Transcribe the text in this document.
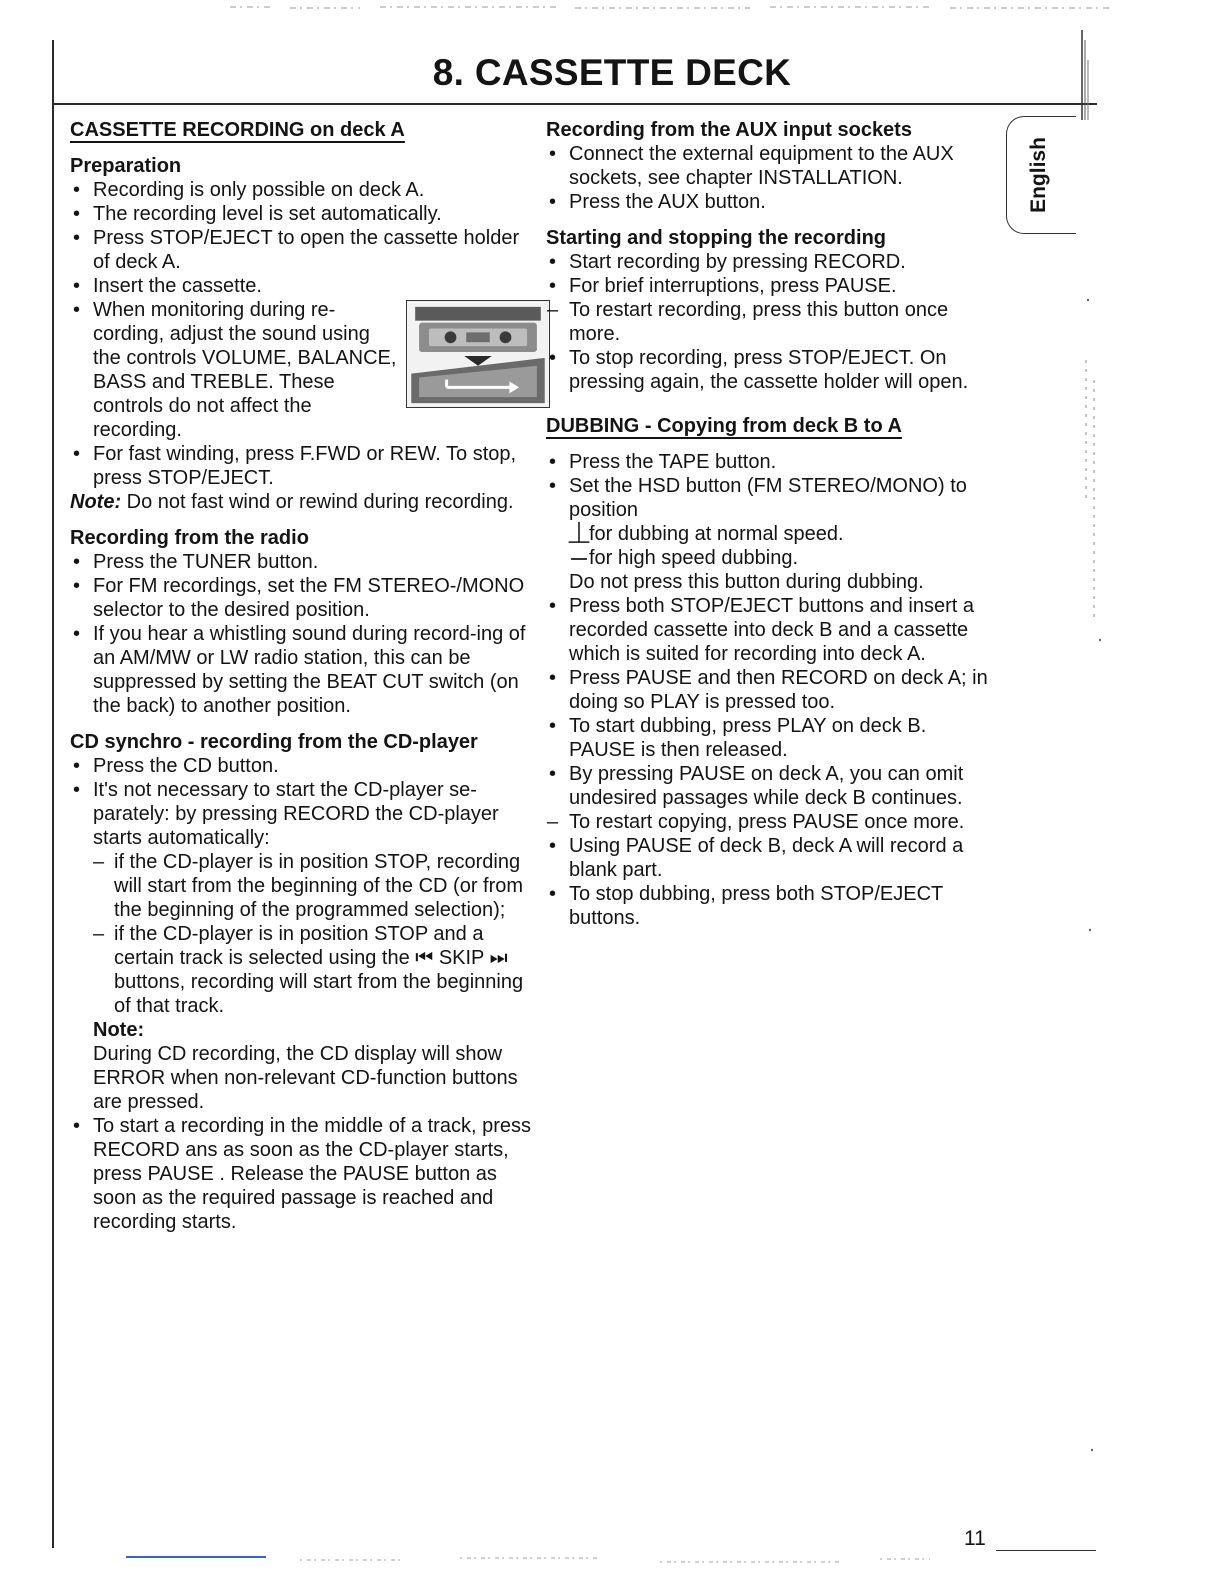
8. CASSETTE DECK

CASSETTE RECORDING on deck A

Preparation

• Recording is only possible on deck A.
• The recording level is set automatically.
• Press STOP/EJECT to open the cassette holder of deck A.
• Insert the cassette.
• When monitoring during re-cording, adjust the sound using the controls VOLUME, BALANCE, BASS and TREBLE. These controls do not affect the recording.
• For fast winding, press F.FWD or REW. To stop, press STOP/EJECT.

Note: Do not fast wind or rewind during recording.

Recording from the radio

• Press the TUNER button.
• For FM recordings, set the FM STEREO-/MONO selector to the desired position.
• If you hear a whistling sound during record-ing of an AM/MW or LW radio station, this can be suppressed by setting the BEAT CUT switch (on the back) to another position.

CD synchro - recording from the CD-player

• Press the CD button.
• It's not necessary to start the CD-player se-parately: by pressing RECORD the CD-player starts automatically:
– if the CD-player is in position STOP, recording will start from the beginning of the CD (or from the beginning of the programmed selection);
– if the CD-player is in position STOP and a certain track is selected using the ⏮ SKIP ⏭ buttons, recording will start from the beginning of that track.

Note:

During CD recording, the CD display will show ERROR when non-relevant CD-function buttons are pressed.

• To start a recording in the middle of a track, press RECORD ans as soon as the CD-player starts, press PAUSE . Release the PAUSE button as soon as the required passage is reached and recording starts.

Recording from the AUX input sockets

• Connect the external equipment to the AUX sockets, see chapter INSTALLATION.
• Press the AUX button.

Starting and stopping the recording

• Start recording by pressing RECORD.
• For brief interruptions, press PAUSE.
– To restart recording, press this button once more.
• To stop recording, press STOP/EJECT. On pressing again, the cassette holder will open.

DUBBING - Copying from deck B to A

• Press the TAPE button.
• Set the HSD button (FM STEREO/MONO) to position
⏊for dubbing at normal speed.
⏤ for high speed dubbing.
Do not press this button during dubbing.
• Press both STOP/EJECT buttons and insert a recorded cassette into deck B and a cassette which is suited for recording into deck A.
• Press PAUSE and then RECORD on deck A; in doing so PLAY is pressed too.
• To start dubbing, press PLAY on deck B. PAUSE is then released.
• By pressing PAUSE on deck A, you can omit undesired passages while deck B continues.
– To restart copying, press PAUSE once more.
• Using PAUSE of deck B, deck A will record a blank part.
• To stop dubbing, press both STOP/EJECT buttons.
English

11
